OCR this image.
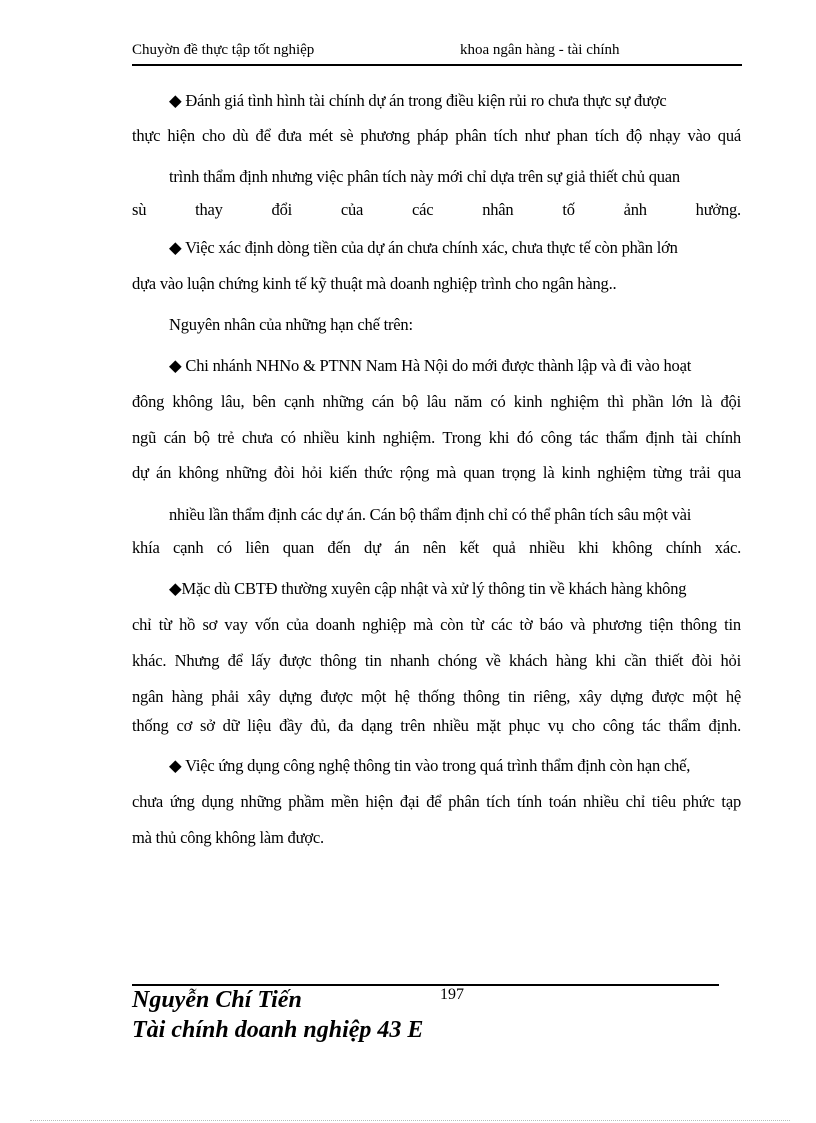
Chuyờn đề thực tập tốt nghiệp	khoa ngân hàng - tài chính
◆ Đánh giá tình hình tài chính dự án trong điều kiện rủi ro chưa thực sự được
thực hiện cho dù để đưa mét sè phương pháp phân tích như phan tích độ nhạy vào quá
trình thẩm định nhưng việc phân tích này mới chỉ dựa trên sự giả thiết chủ quan
sù thay đổi của các nhân tố ảnh hưởng.
◆ Việc xác định dòng tiền của dự án chưa chính xác, chưa thực tế còn phần lớn
dựa vào luận chứng kinh tế kỹ thuật mà doanh nghiệp trình cho ngân hàng..
Nguyên nhân của những hạn chế trên:
◆ Chi nhánh NHNo & PTNN Nam Hà Nội do mới được thành lập và đi vào hoạt
đông không lâu, bên cạnh những cán bộ lâu năm có kinh nghiệm thì phần lớn là đội
ngũ cán bộ trẻ chưa có nhiều kinh nghiệm. Trong khi đó công tác thẩm định tài chính
dự án không những đòi hỏi kiến thức rộng mà quan trọng là kinh nghiệm từng trải qua
nhiều lần thẩm định các dự án. Cán bộ thẩm định chỉ có thể phân tích sâu một vài
khía cạnh có liên quan đến dự án nên kết quả nhiều khi không chính xác.
◆Mặc dù CBTĐ thường xuyên cập nhật và xử lý thông tin về khách hàng không
chỉ từ hồ sơ vay vốn của doanh nghiệp mà còn từ các tờ báo và phương tiện thông tin
khác. Nhưng để lấy được thông tin nhanh chóng về khách hàng khi cần thiết đòi hỏi
ngân hàng phải xây dựng được một hệ thống thông tin riêng, xây dựng được một hệ
thống cơ sở dữ liệu đầy đủ, đa dạng trên nhiều mặt phục vụ cho công tác thẩm định.
◆ Việc ứng dụng công nghệ thông tin vào trong quá trình thẩm định còn hạn chế,
chưa ứng dụng những phầm mền hiện đại để phân tích tính toán nhiều chỉ tiêu phức tạp
mà thủ công không làm được.
197
Nguyễn Chí Tiến
Tài chính doanh nghiệp 43 E
